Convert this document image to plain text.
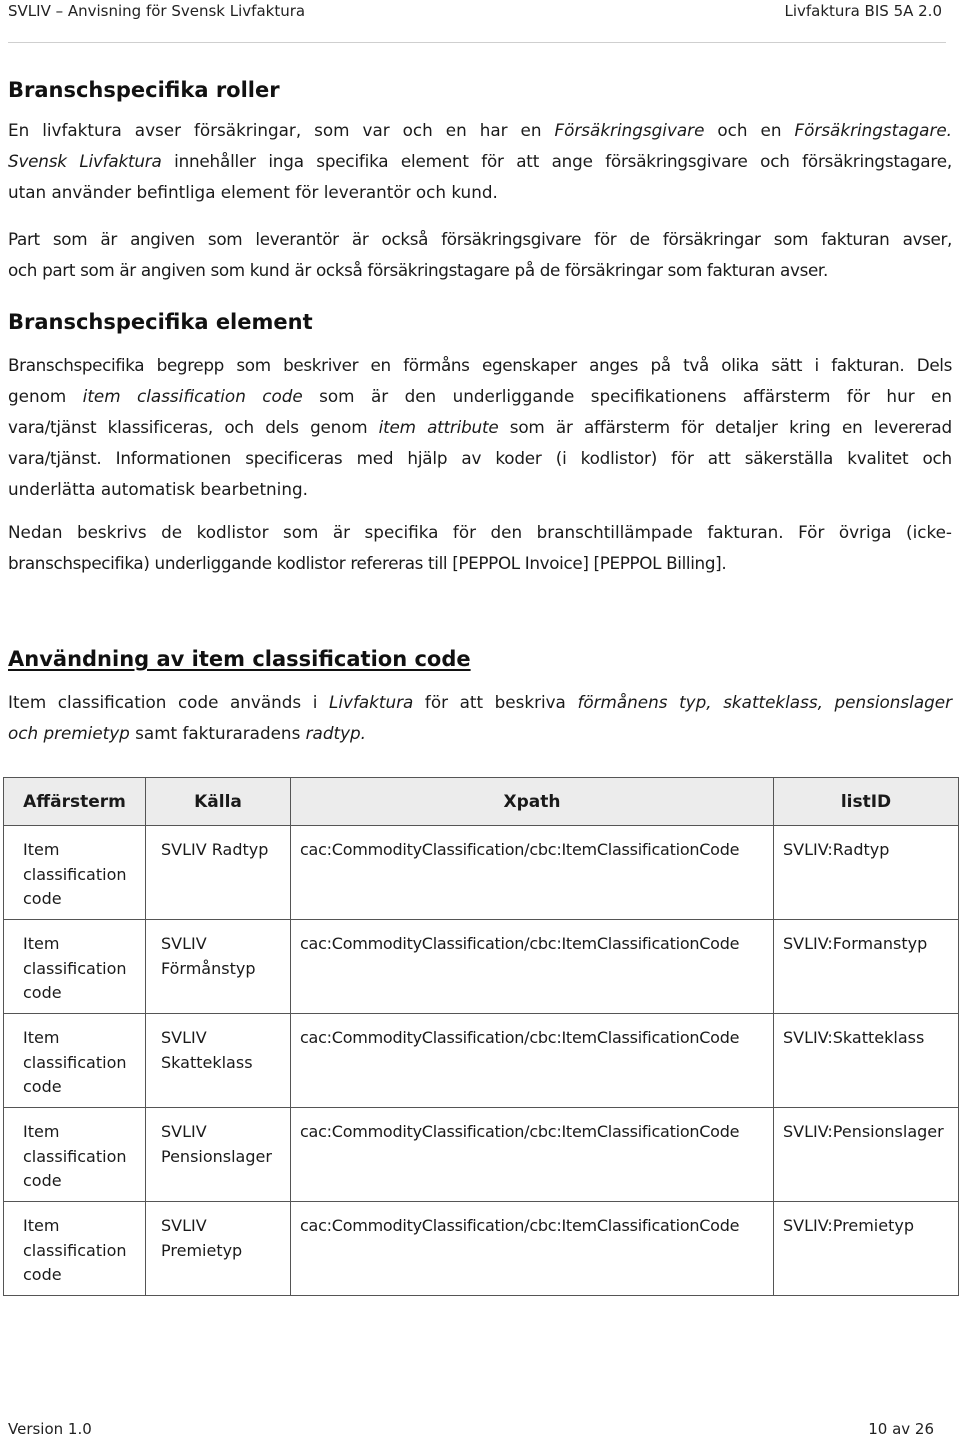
SVLIV – Anvisning för Svensk Livfaktura	Livfaktura BIS 5A 2.0
Branschspecifika roller
En livfaktura avser försäkringar, som var och en har en Försäkringsgivare och en Försäkringstagare.
Svensk Livfaktura innehåller inga specifika element för att ange försäkringsgivare och försäkringstagare,
utan använder befintliga element för leverantör och kund.
Part som är angiven som leverantör är också försäkringsgivare för de försäkringar som fakturan avser,
och part som är angiven som kund är också försäkringstagare på de försäkringar som fakturan avser.
Branschspecifika element
Branschspecifika begrepp som beskriver en förmåns egenskaper anges på två olika sätt i fakturan. Dels
genom item classification code som är den underliggande specifikationens affärsterm för hur en
vara/tjänst klassificeras, och dels genom item attribute som är affärsterm för detaljer kring en levererad
vara/tjänst. Informationen specificeras med hjälp av koder (i kodlistor) för att säkerställa kvalitet och
underlätta automatisk bearbetning.
Nedan beskrivs de kodlistor som är specifika för den branschtillämpade fakturan. För övriga (icke-
branschspecifika) underliggande kodlistor refereras till [PEPPOL Invoice] [PEPPOL Billing].
Användning av item classification code
Item classification code används i Livfaktura för att beskriva förmånens typ, skatteklass, pensionslager
och premietyp samt fakturaradens radtyp.
Affärsterm	Källa	Xpath	listID
Item classification code	SVLIV Radtyp	cac:CommodityClassification/cbc:ItemClassificationCode	SVLIV:Radtyp
Item classification code	SVLIV Förmånstyp	cac:CommodityClassification/cbc:ItemClassificationCode	SVLIV:Formanstyp
Item classification code	SVLIV Skatteklass	cac:CommodityClassification/cbc:ItemClassificationCode	SVLIV:Skatteklass
Item classification code	SVLIV Pensionslager	cac:CommodityClassification/cbc:ItemClassificationCode	SVLIV:Pensionslager
Item classification code	SVLIV Premietyp	cac:CommodityClassification/cbc:ItemClassificationCode	SVLIV:Premietyp
Version 1.0	10 av 26
